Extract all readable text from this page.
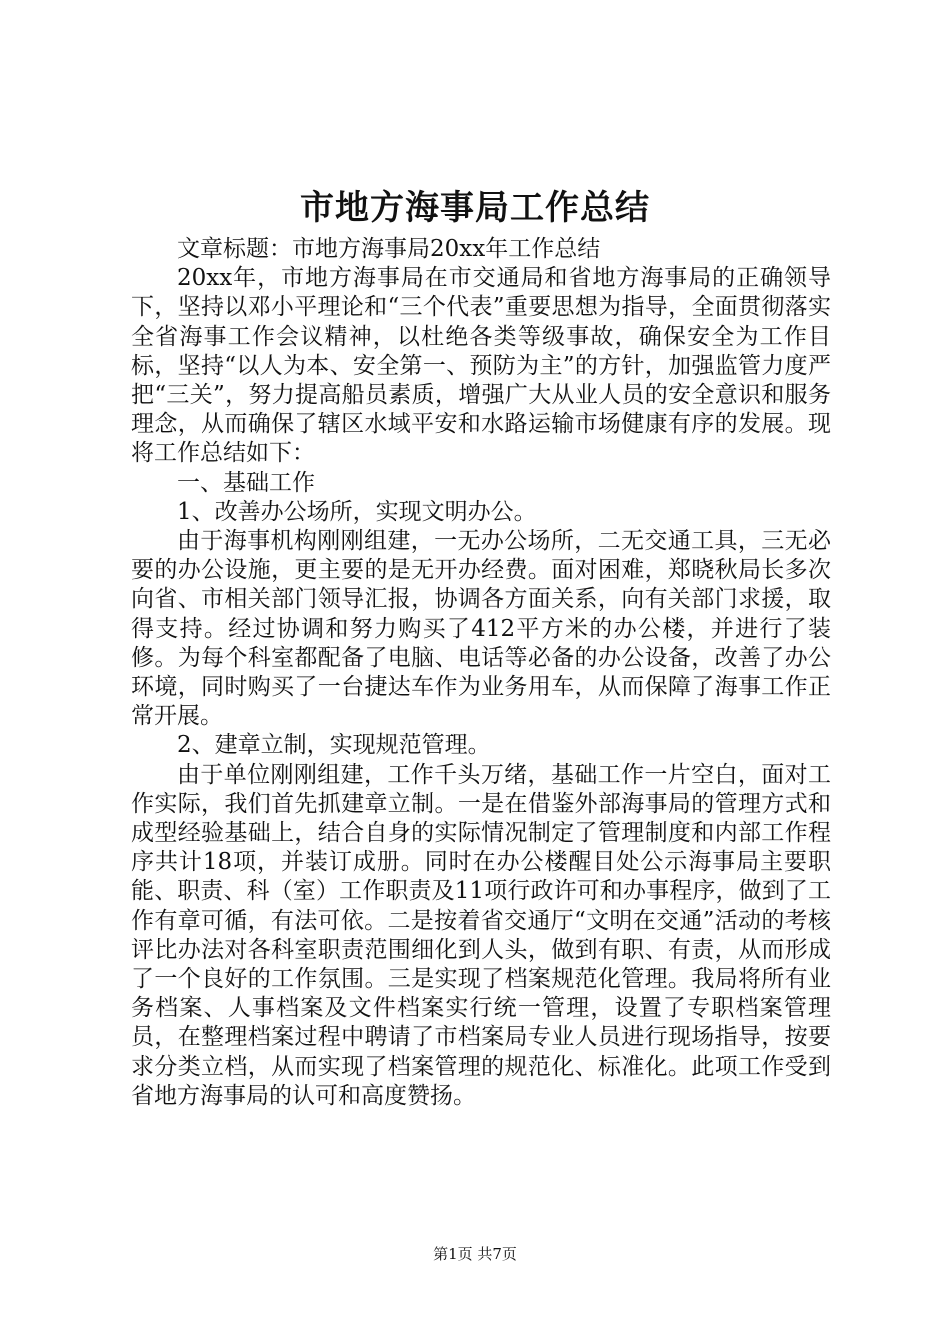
市地方海事局工作总结

文章标题：市地方海事局20xx年工作总结

20xx年，市地方海事局在市交通局和省地方海事局的正确领导下，坚持以邓小平理论和“三个代表”重要思想为指导，全面贯彻落实全省海事工作会议精神，以杜绝各类等级事故，确保安全为工作目标，坚持“以人为本、安全第一、预防为主”的方针，加强监管力度严把“三关”，努力提高船员素质，增强广大从业人员的安全意识和服务理念，从而确保了辖区水域平安和水路运输市场健康有序的发展。现将工作总结如下：

一、基础工作

1、改善办公场所，实现文明办公。

由于海事机构刚刚组建，一无办公场所，二无交通工具，三无必要的办公设施，更主要的是无开办经费。面对困难，郑晓秋局长多次向省、市相关部门领导汇报，协调各方面关系，向有关部门求援，取得支持。经过协调和努力购买了412平方米的办公楼，并进行了装修。为每个科室都配备了电脑、电话等必备的办公设备，改善了办公环境，同时购买了一台捷达车作为业务用车，从而保障了海事工作正常开展。

2、建章立制，实现规范管理。

由于单位刚刚组建，工作千头万绪，基础工作一片空白，面对工作实际，我们首先抓建章立制。一是在借鉴外部海事局的管理方式和成型经验基础上，结合自身的实际情况制定了管理制度和内部工作程序共计18项，并装订成册。同时在办公楼醒目处公示海事局主要职能、职责、科（室）工作职责及11项行政许可和办事程序，做到了工作有章可循，有法可依。二是按着省交通厅“文明在交通”活动的考核评比办法对各科室职责范围细化到人头，做到有职、有责，从而形成了一个良好的工作氛围。三是实现了档案规范化管理。我局将所有业务档案、人事档案及文件档案实行统一管理，设置了专职档案管理员，在整理档案过程中聘请了市档案局专业人员进行现场指导，按要求分类立档，从而实现了档案管理的规范化、标准化。此项工作受到省地方海事局的认可和高度赞扬。

第1页 共7页
